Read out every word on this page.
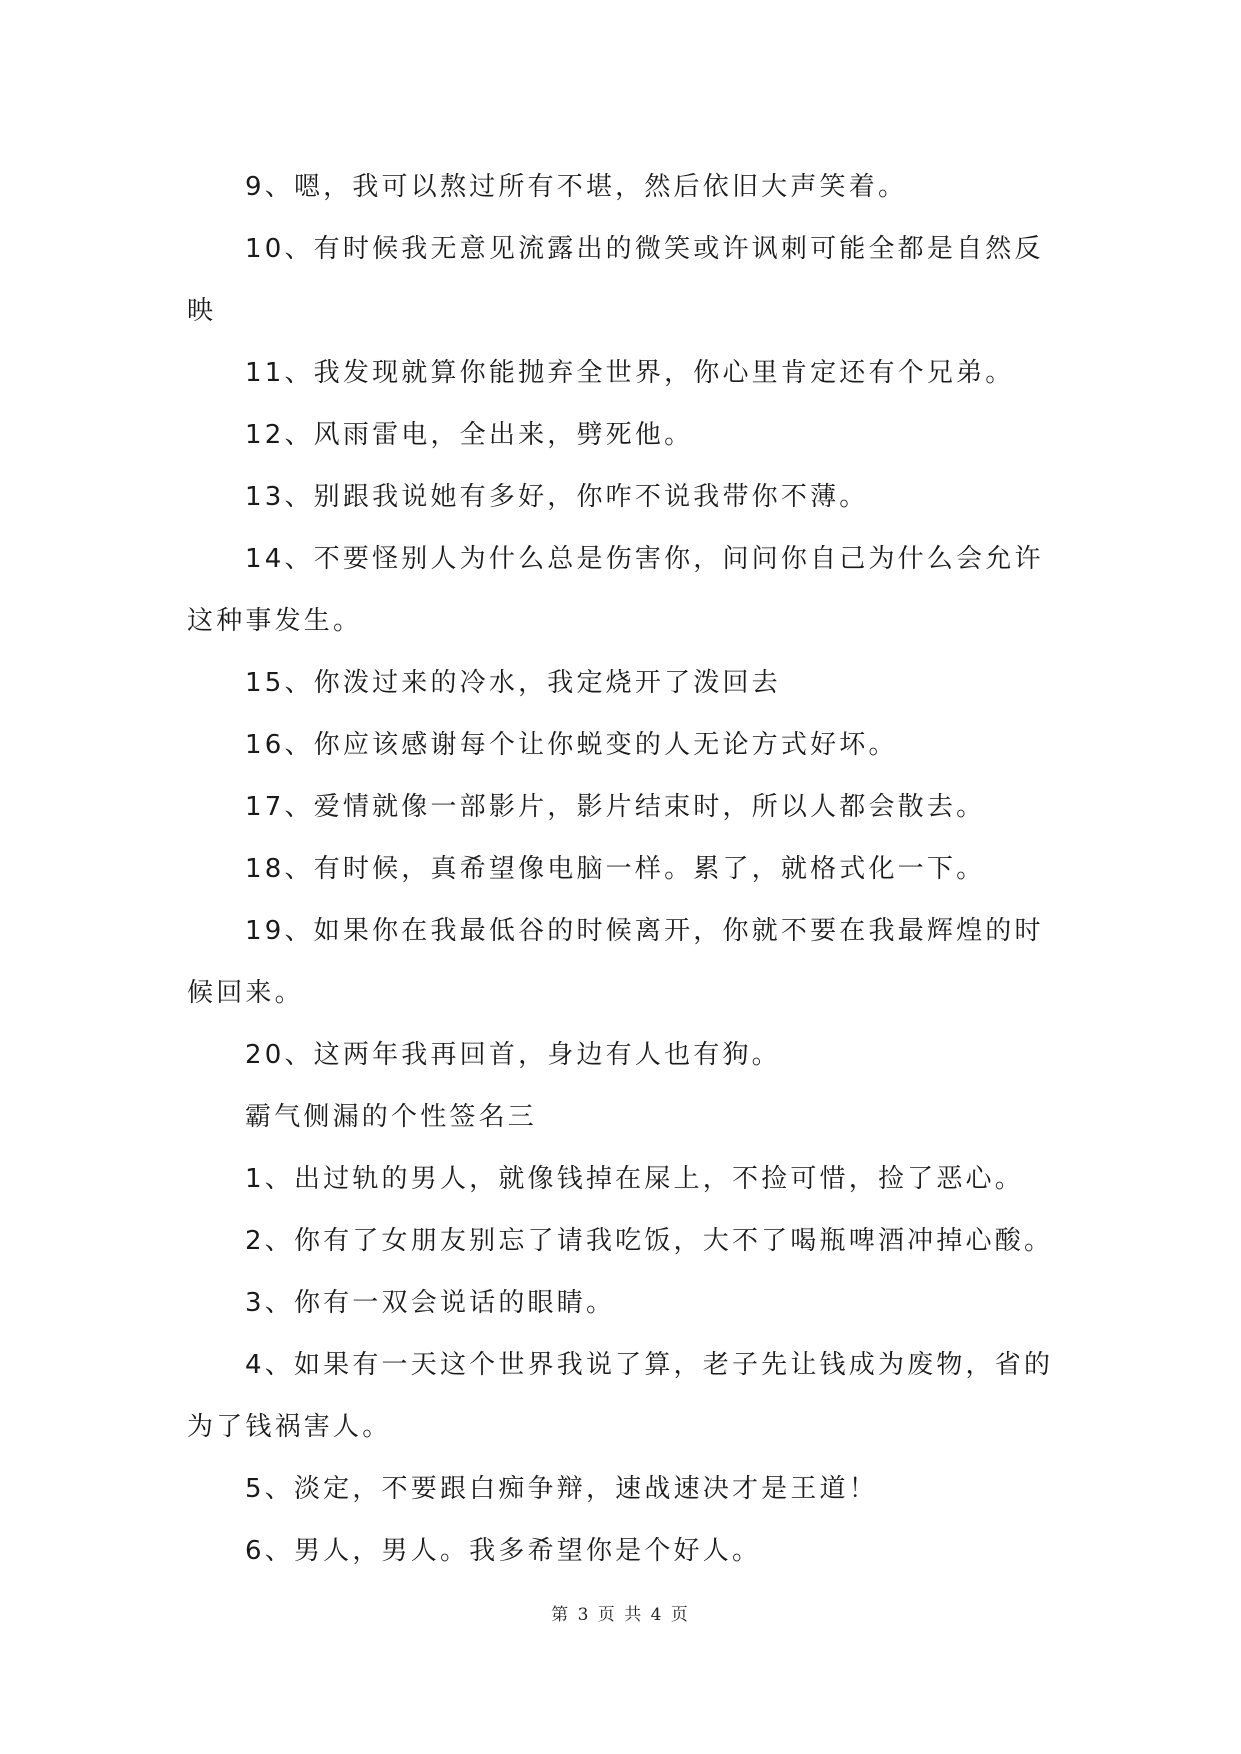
9、嗯，我可以熬过所有不堪，然后依旧大声笑着。

10、有时候我无意见流露出的微笑或许讽刺可能全都是自然反映

11、我发现就算你能抛弃全世界，你心里肯定还有个兄弟。

12、风雨雷电，全出来，劈死他。

13、别跟我说她有多好，你咋不说我带你不薄。

14、不要怪别人为什么总是伤害你，问问你自己为什么会允许这种事发生。

15、你泼过来的冷水，我定烧开了泼回去

16、你应该感谢每个让你蜕变的人无论方式好坏。

17、爱情就像一部影片，影片结束时，所以人都会散去。

18、有时候，真希望像电脑一样。累了，就格式化一下。

19、如果你在我最低谷的时候离开，你就不要在我最辉煌的时候回来。

20、这两年我再回首，身边有人也有狗。

霸气侧漏的个性签名三

1、出过轨的男人，就像钱掉在屎上，不捡可惜，捡了恶心。

2、你有了女朋友别忘了请我吃饭，大不了喝瓶啤酒冲掉心酸。

3、你有一双会说话的眼睛。

4、如果有一天这个世界我说了算，老子先让钱成为废物，省的为了钱祸害人。

5、淡定，不要跟白痴争辩，速战速决才是王道！

6、男人，男人。我多希望你是个好人。

第 3 页 共 4 页
